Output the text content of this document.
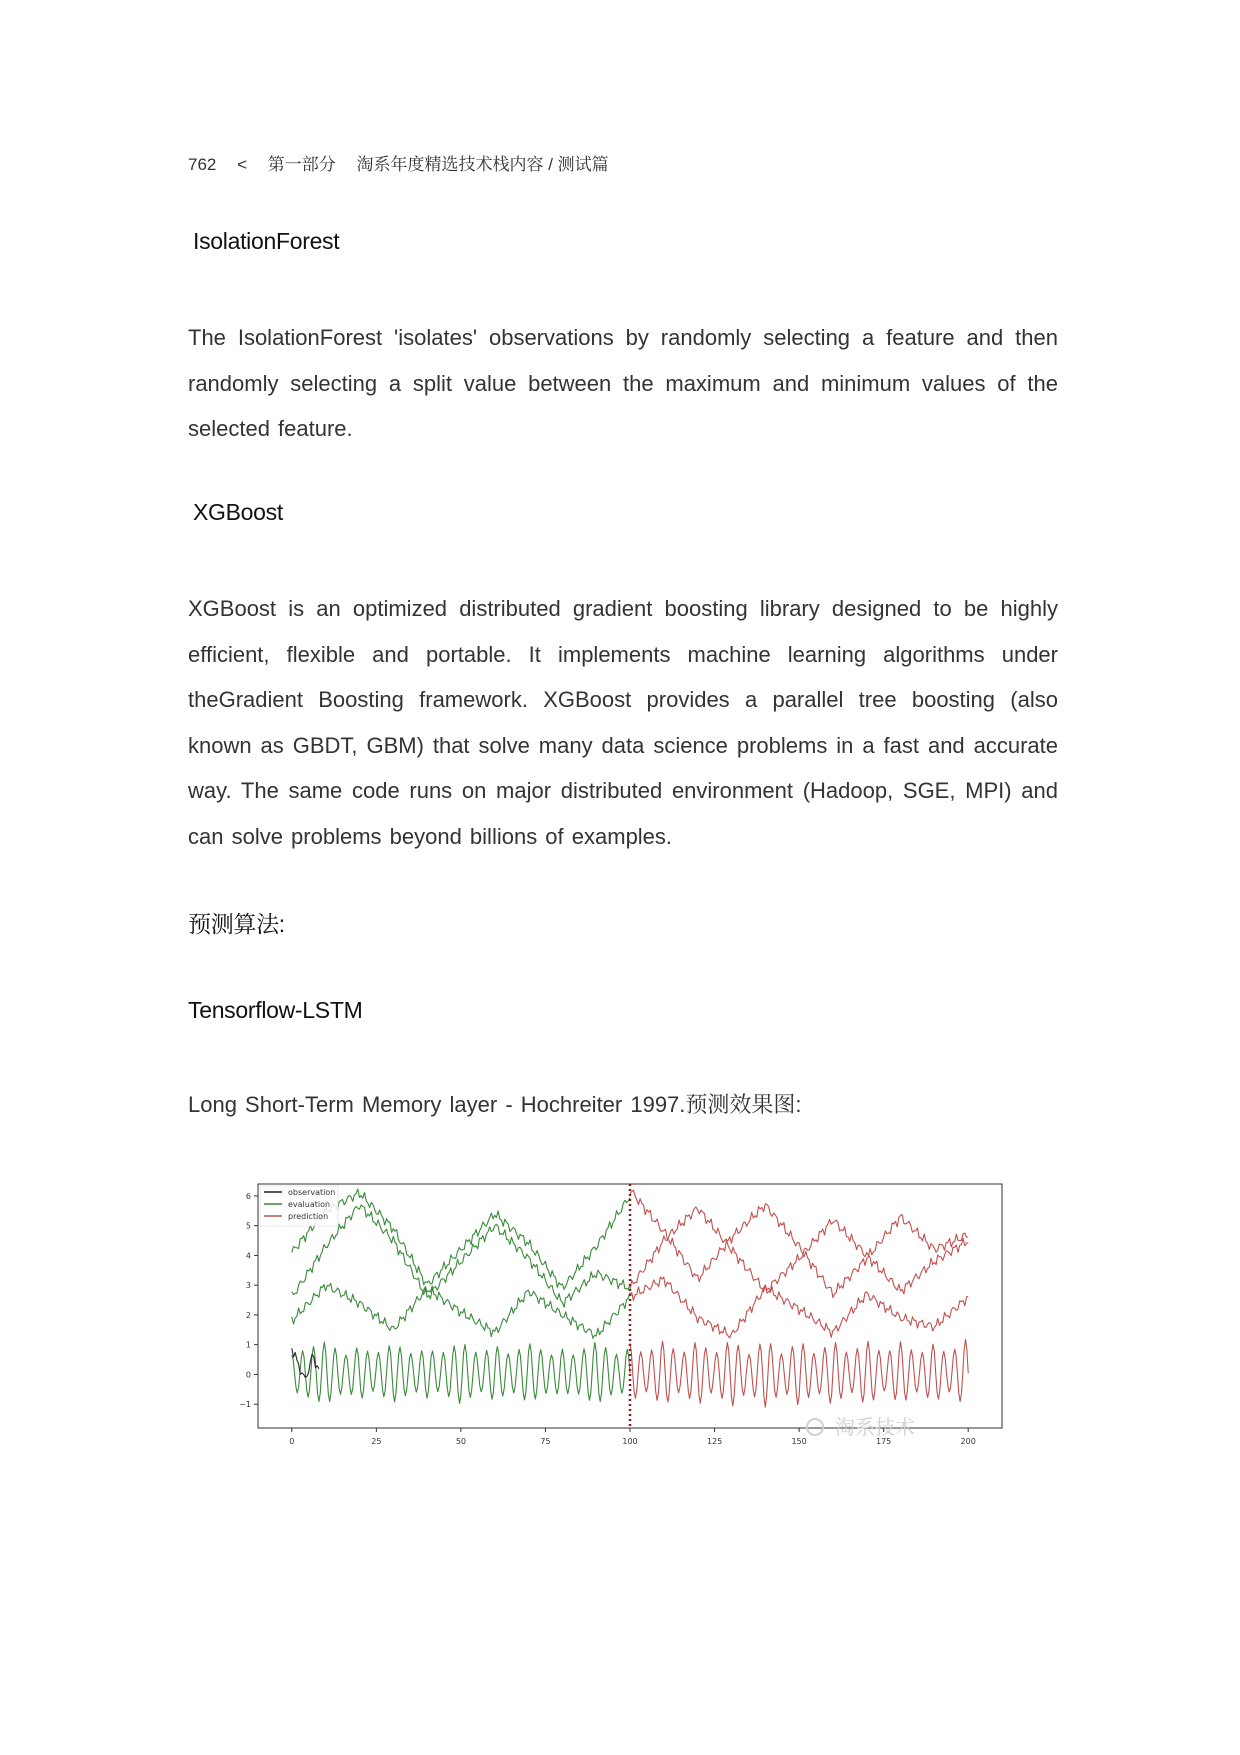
762 < 第一部分 淘系年度精选技术栈内容 / 测试篇
IsolationForest
The IsolationForest 'isolates' observations by randomly selecting a feature and then randomly selecting a split value between the maximum and minimum values of the selected feature.
XGBoost
XGBoost is an optimized distributed gradient boosting library designed to be highly efficient, flexible and portable. It implements machine learning algorithms under theGradient Boosting framework. XGBoost provides a parallel tree boosting (also known as GBDT, GBM) that solve many data science problems in a fast and accurate way. The same code runs on major distributed environment (Hadoop, SGE, MPI) and can solve problems beyond billions of examples.
预测算法:
Tensorflow-LSTM
Long Short-Term Memory layer - Hochreiter 1997.预测效果图:
0	25	50	75	100	125	150	175	200
−1
0
1
2
3
4
5
6	observation
evaluation
prediction
淘系技术
